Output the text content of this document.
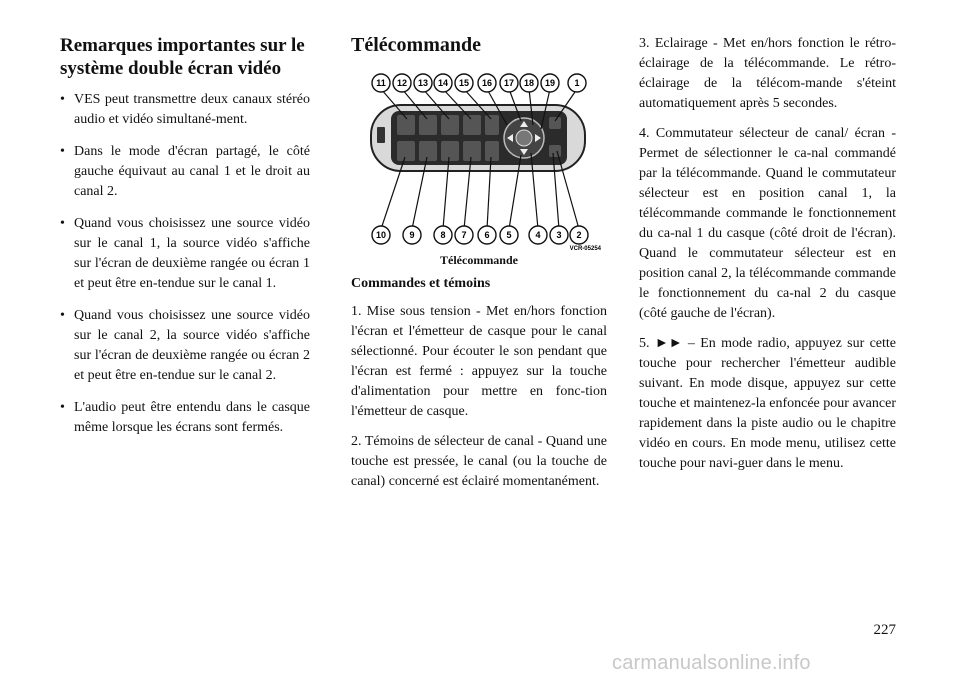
Remarques importantes sur le système double écran vidéo
• VES peut transmettre deux canaux stéréo audio et vidéo simultané-ment.
• Dans le mode d'écran partagé, le côté gauche équivaut au canal 1 et le droit au canal 2.
• Quand vous choisissez une source vidéo sur le canal 1, la source vidéo s'affiche sur l'écran de deuxième rangée ou écran 1 et peut être en-tendue sur le canal 1.
• Quand vous choisissez une source vidéo sur le canal 2, la source vidéo s'affiche sur l'écran de deuxième rangée ou écran 2 et peut être en-tendue sur le canal 2.
• L'audio peut être entendu dans le casque même lorsque les écrans sont fermés.
Télécommande
11 12 13 14 15 16 17 18 19 1
10	9	8 7 6 5	4 3 2
VCR-05254
Télécommande
Commandes et témoins

1. Mise sous tension - Met en/hors fonction l'écran et l'émetteur de casque pour le canal sélectionné. Pour écouter le son pendant que l'écran est fermé : appuyez sur la touche d'alimentation pour mettre en fonc-tion l'émetteur de casque.

2. Témoins de sélecteur de canal - Quand une touche est pressée, le canal (ou la touche de canal) concerné est éclairé momentanément.

3. Eclairage - Met en/hors fonction le rétro-éclairage de la télécommande. Le rétro-éclairage de la télécom-mande s'éteint automatiquement après 5 secondes.

4. Commutateur sélecteur de canal/ écran - Permet de sélectionner le ca-nal commandé par la télécommande. Quand le commutateur sélecteur est en position canal 1, la télécommande commande le fonctionnement du ca-nal 1 du casque (côté droit de l'écran). Quand le commutateur sélecteur est en position canal 2, la télécommande commande le fonctionnement du ca-nal 2 du casque (côté gauche de l'écran).

5. ►► – En mode radio, appuyez sur cette touche pour rechercher l'émetteur audible suivant. En mode disque, appuyez sur cette touche et maintenez-la enfoncée pour avancer rapidement dans la piste audio ou le chapitre vidéo en cours. En mode menu, utilisez cette touche pour navi-guer dans le menu.

227
carmanualsonline.info
